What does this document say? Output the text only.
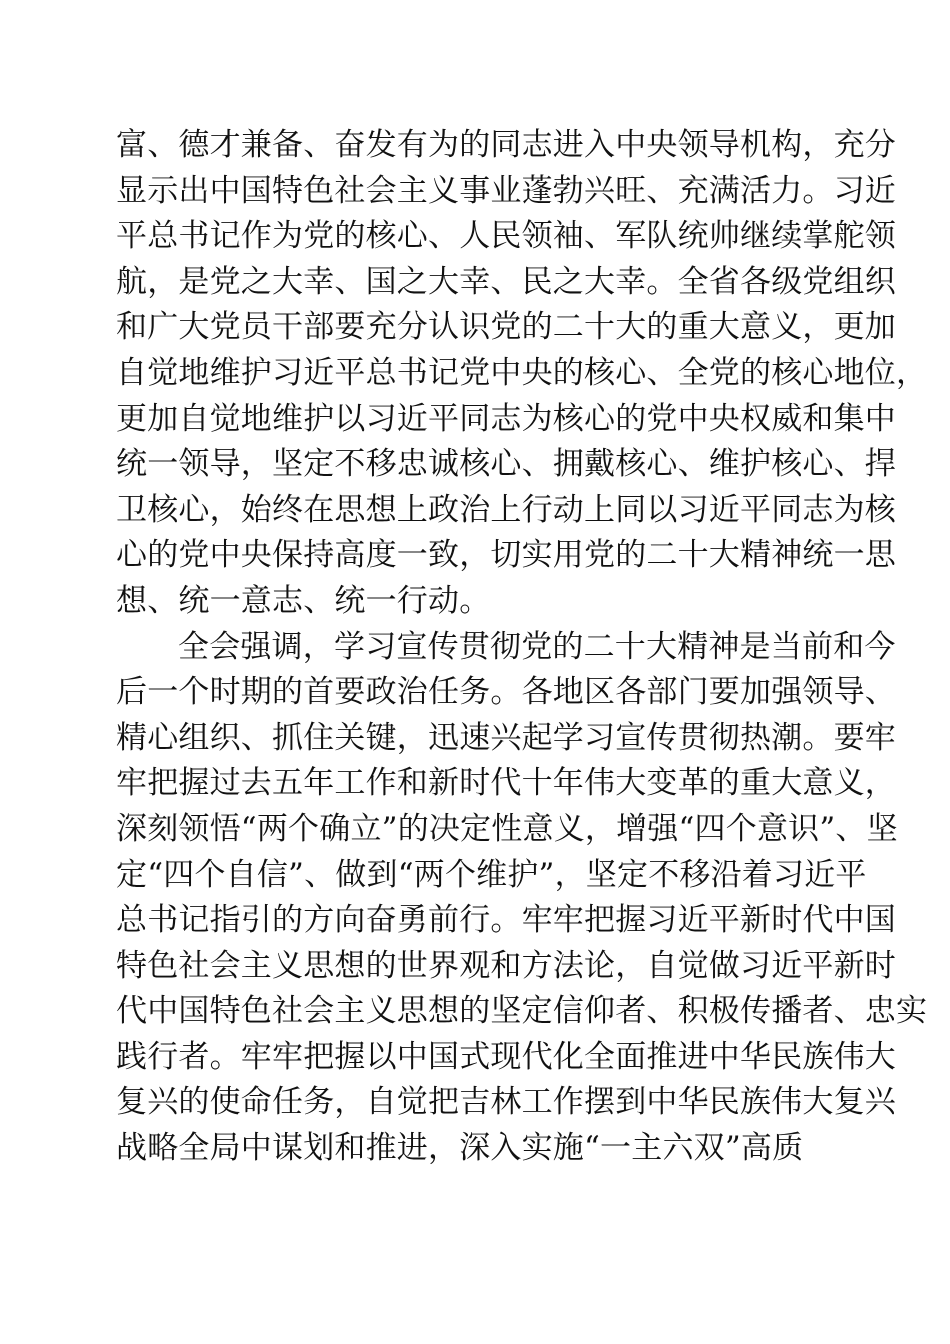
富、德才兼备、奋发有为的同志进入中央领导机构，充分
显示出中国特色社会主义事业蓬勃兴旺、充满活力。习近
平总书记作为党的核心、人民领袖、军队统帅继续掌舵领
航，是党之大幸、国之大幸、民之大幸。全省各级党组织
和广大党员干部要充分认识党的二十大的重大意义，更加
自觉地维护习近平总书记党中央的核心、全党的核心地位，
更加自觉地维护以习近平同志为核心的党中央权威和集中
统一领导，坚定不移忠诚核心、拥戴核心、维护核心、捍
卫核心，始终在思想上政治上行动上同以习近平同志为核
心的党中央保持高度一致，切实用党的二十大精神统一思
想、统一意志、统一行动。
全会强调，学习宣传贯彻党的二十大精神是当前和今
后一个时期的首要政治任务。各地区各部门要加强领导、
精心组织、抓住关键，迅速兴起学习宣传贯彻热潮。要牢
牢把握过去五年工作和新时代十年伟大变革的重大意义，
深刻领悟“两个确立”的决定性意义，增强“四个意识”、坚
定“四个自信”、做到“两个维护”，坚定不移沿着习近平
总书记指引的方向奋勇前行。牢牢把握习近平新时代中国
特色社会主义思想的世界观和方法论，自觉做习近平新时
代中国特色社会主义思想的坚定信仰者、积极传播者、忠实
践行者。牢牢把握以中国式现代化全面推进中华民族伟大
复兴的使命任务，自觉把吉林工作摆到中华民族伟大复兴
战略全局中谋划和推进，深入实施“一主六双”高质
